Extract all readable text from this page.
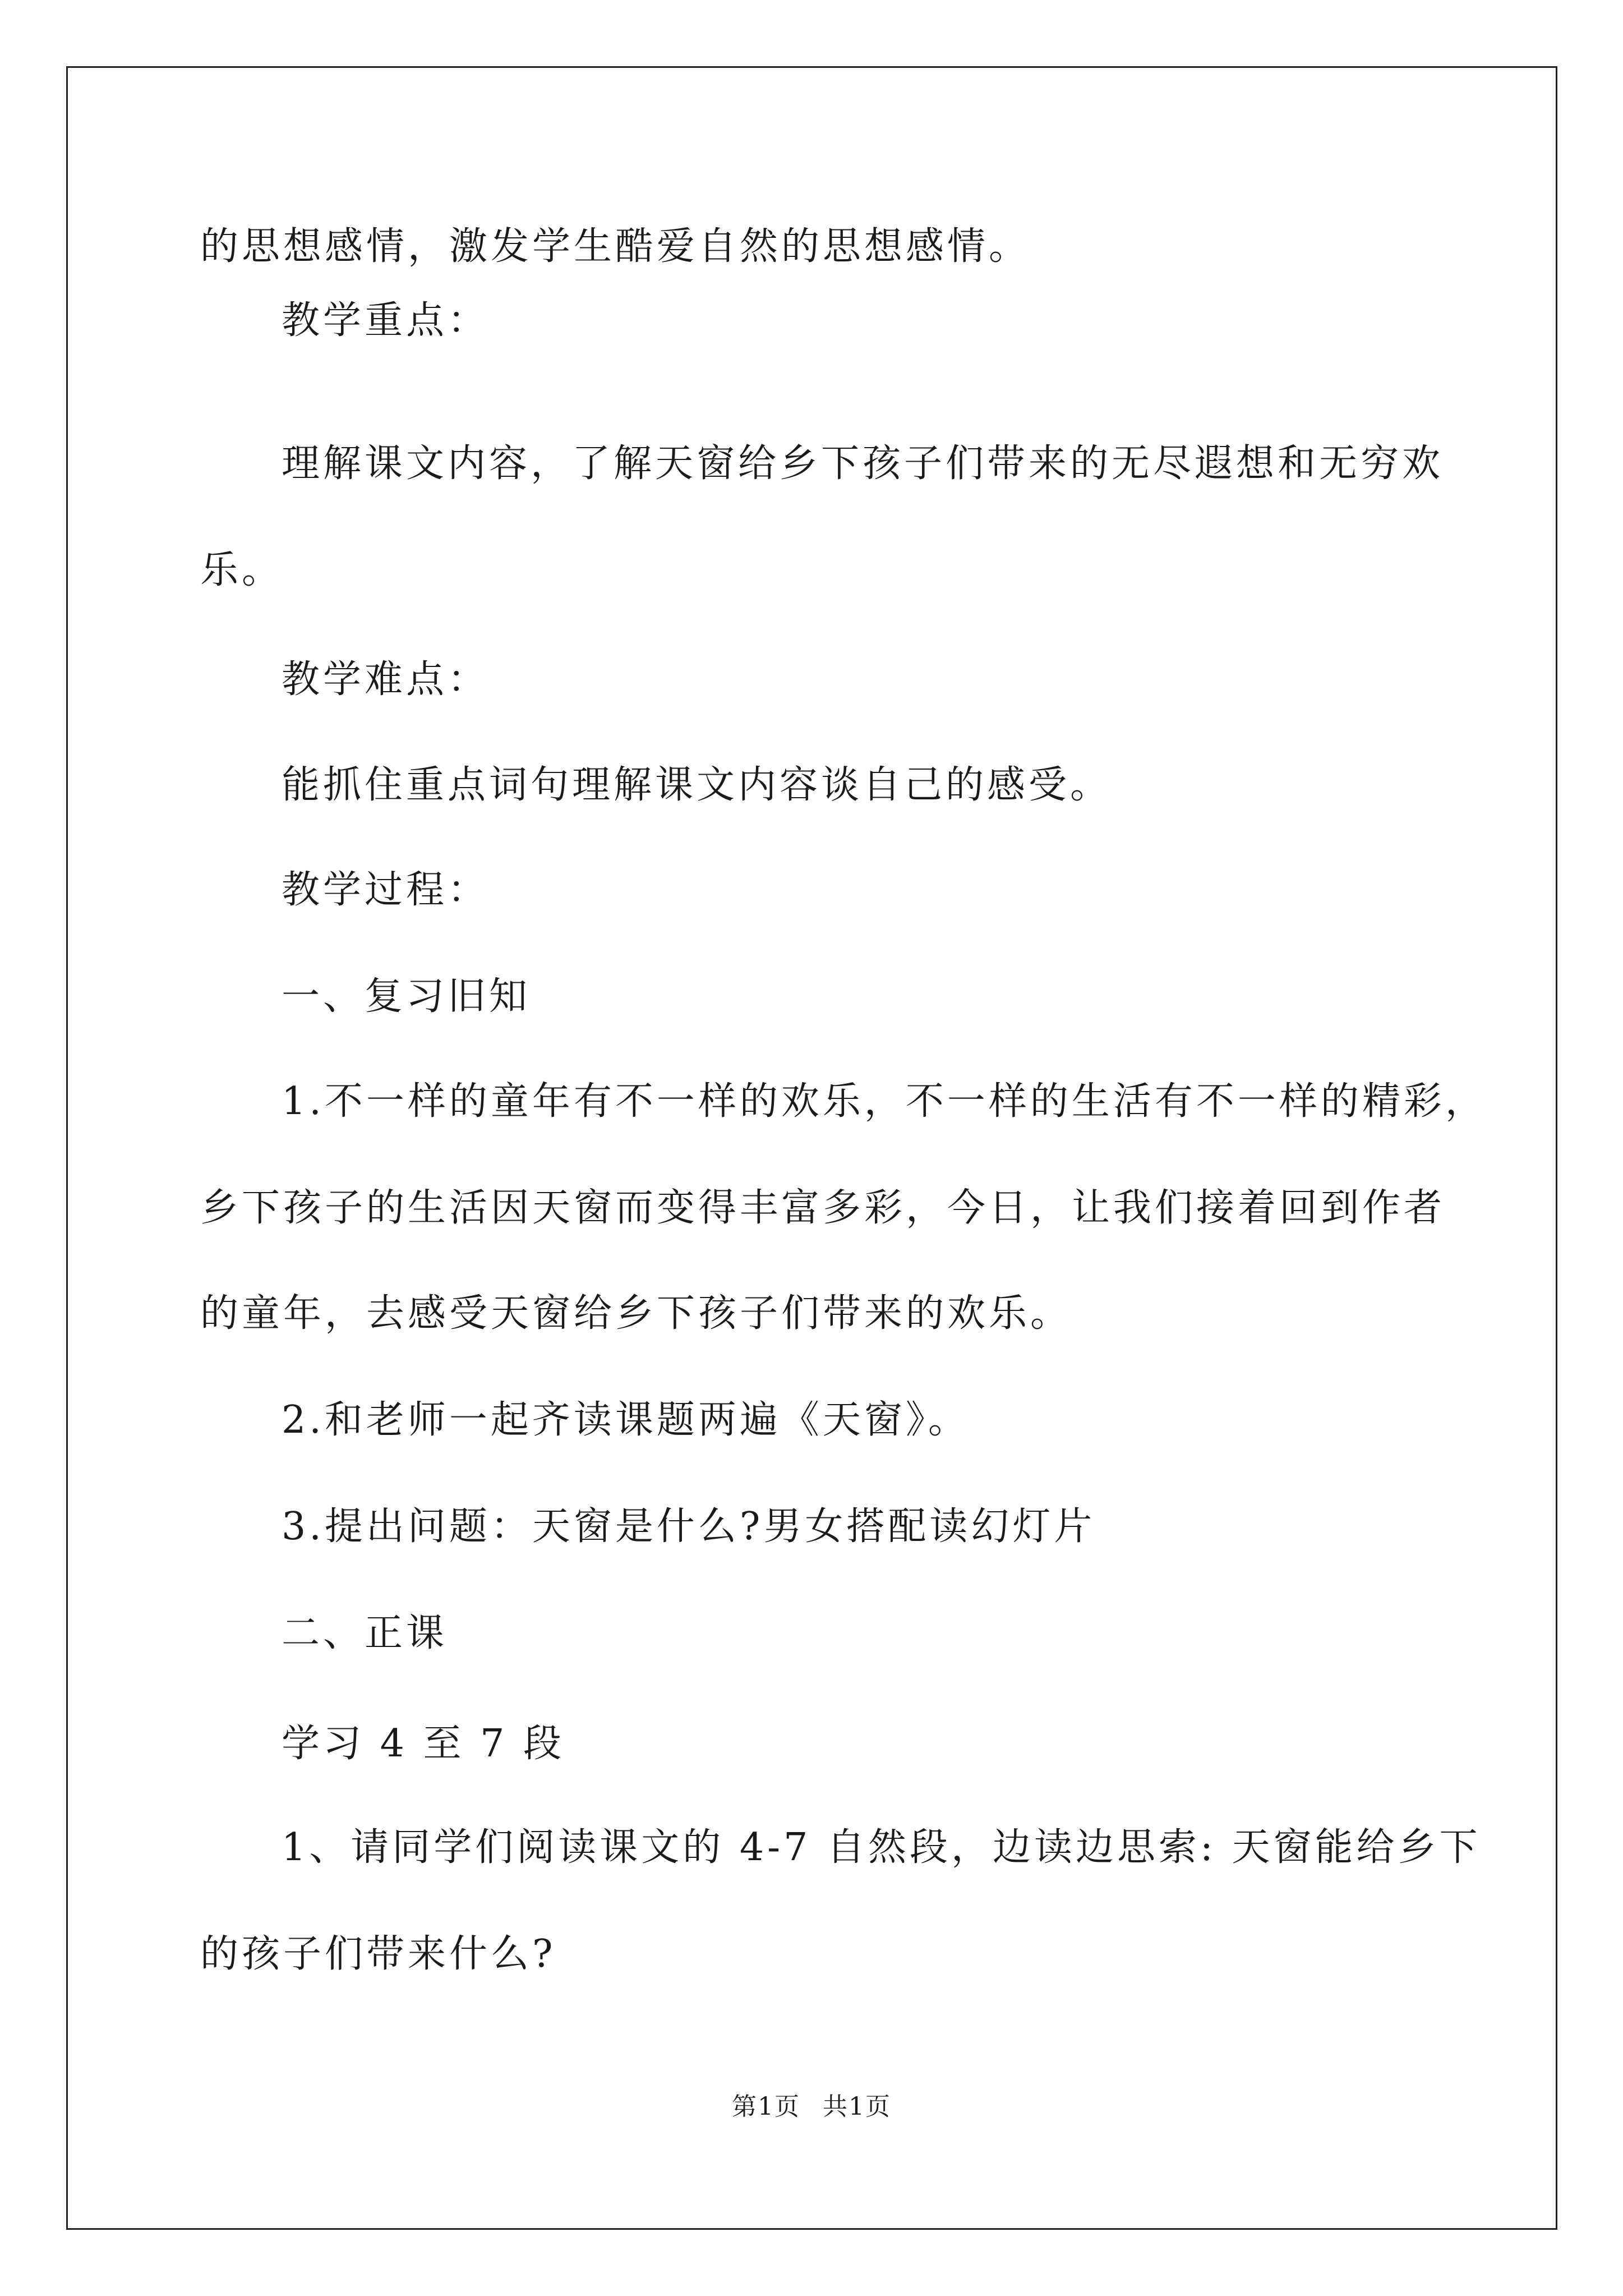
的思想感情，激发学生酷爱自然的思想感情。
教学重点：
理解课文内容，了解天窗给乡下孩子们带来的无尽遐想和无穷欢
乐。
教学难点：
能抓住重点词句理解课文内容谈自己的感受。
教学过程：
一、复习旧知
1.不一样的童年有不一样的欢乐，不一样的生活有不一样的精彩，
乡下孩子的生活因天窗而变得丰富多彩，今日，让我们接着回到作者
的童年，去感受天窗给乡下孩子们带来的欢乐。
2.和老师一起齐读课题两遍《天窗》。
3.提出问题：天窗是什么?男女搭配读幻灯片
二、正课
学习 4 至 7 段
1、请同学们阅读课文的 4-7 自然段，边读边思索: 天窗能给乡下
的孩子们带来什么?
第1页 共1页
